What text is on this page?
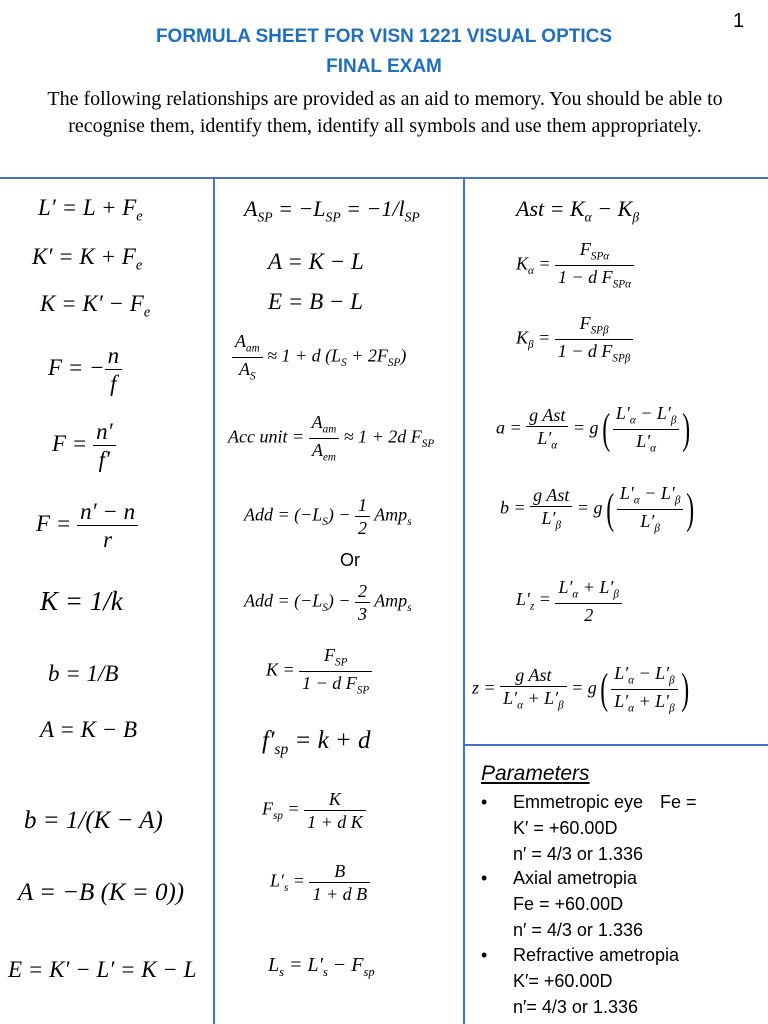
1
FORMULA SHEET FOR VISN 1221 VISUAL OPTICS
FINAL EXAM
The following relationships are provided as an aid to memory. You should be able to recognise them, identify them, identify all symbols and use them appropriately.
$L' = L + F_e$
$K' = K + F_e$
$K = K' - F_e$
F = − $\frac{n}{f}$
$F = \frac{n'}{f'}$
$F = \frac{n' - n}{r}$
K = 1/k
b = 1/B
A = K − B
b = 1/(K − A)
A = −B (K = 0))
E = K′ − L′ = K − L
$A_{SP} = -L_{SP} = -1/l_{SP}$
A = K − L
E = B − L
$\frac{A_{am}}{A_S} \approx 1 + d$ $(L_S + 2F_{SP})$
Acc unit = $\frac{A_{am}}{A_{em}} \approx 1 + 2d$ $F_{SP}$
Add = $(-L_S) - \frac{1}{2} Amp_s$
Or
Add = $(-L_S) - \frac{2}{3} Amp_s$
$K = \frac{F_{SP}}{1 - d F_{SP}}$
$f'_{sp} = k + d$
$F_{sp} = \frac{K}{\text{1 + d K}}$
$L'_s = \frac{B}{\text{1 + d B}}$
$L_s = L'_s - F_{sp}$
Ast = $K_\alpha - K_\beta$
$K_\alpha = \frac{F_{SP\alpha}}{1 - d F_{SP\alpha}}$
$K_\beta = \frac{F_{SP\beta}}{1 - d F_{SP\beta}}$
$a = \frac{\text{g Ast}}{L'_\alpha} = g( \frac{L'_\alpha - L'_\beta}{L'_\alpha}$ )
$b = \frac{\text{g Ast}}{L'_\beta} = g( \frac{L'_\alpha - L'_\beta}{L'_\beta}$ )
$L'_z = \frac{L'_\alpha + L'_\beta}{2}$
$z = \frac{\text{g Ast}}{L'_\alpha + L'_\beta} = g( \frac{L'_\alpha - L'_\beta}{L'_\alpha + L'_\beta}$ )
Parameters
• Emmetropic eye Fe =
K′ = +60.00D
n′ = 4/3 or 1.336
• Axial ametropia
Fe = +60.00D
n′ = 4/3 or 1.336
• Refractive ametropia
K′= +60.00D
n′= 4/3 or 1.336
